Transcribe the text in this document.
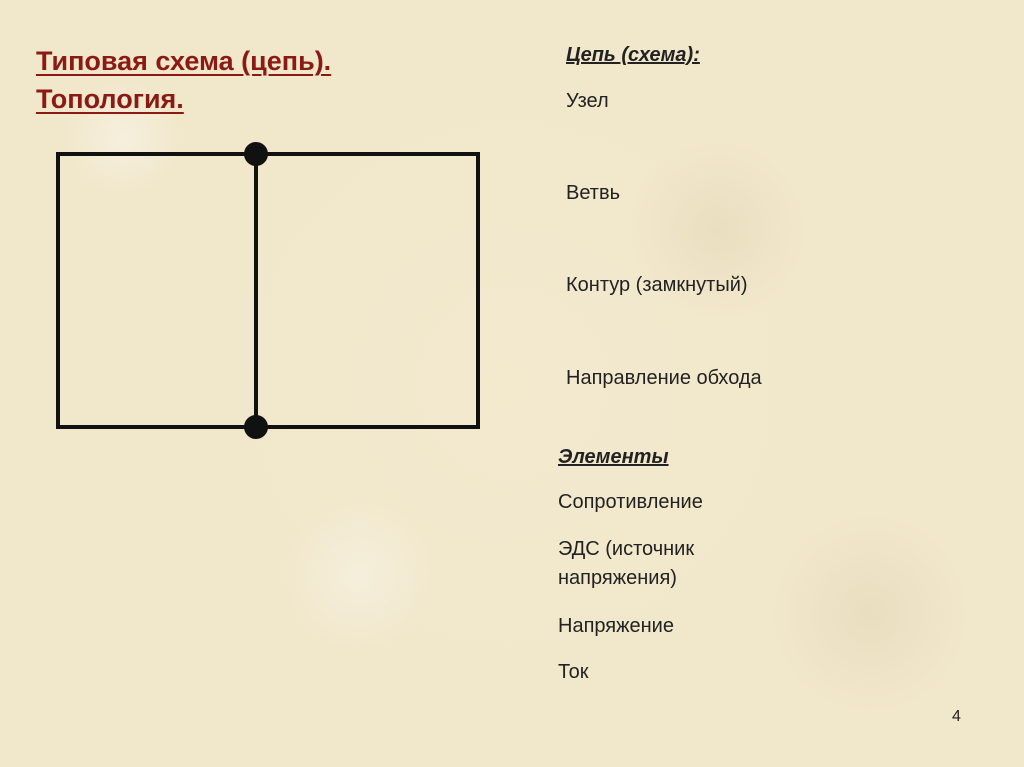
Типовая схема (цепь).
Топология.
Цепь (схема):
Узел
Ветвь
Контур (замкнутый)
Направление обхода
Элементы
Сопротивление
ЭДС (источник напряжения)
Напряжение
Ток
4
